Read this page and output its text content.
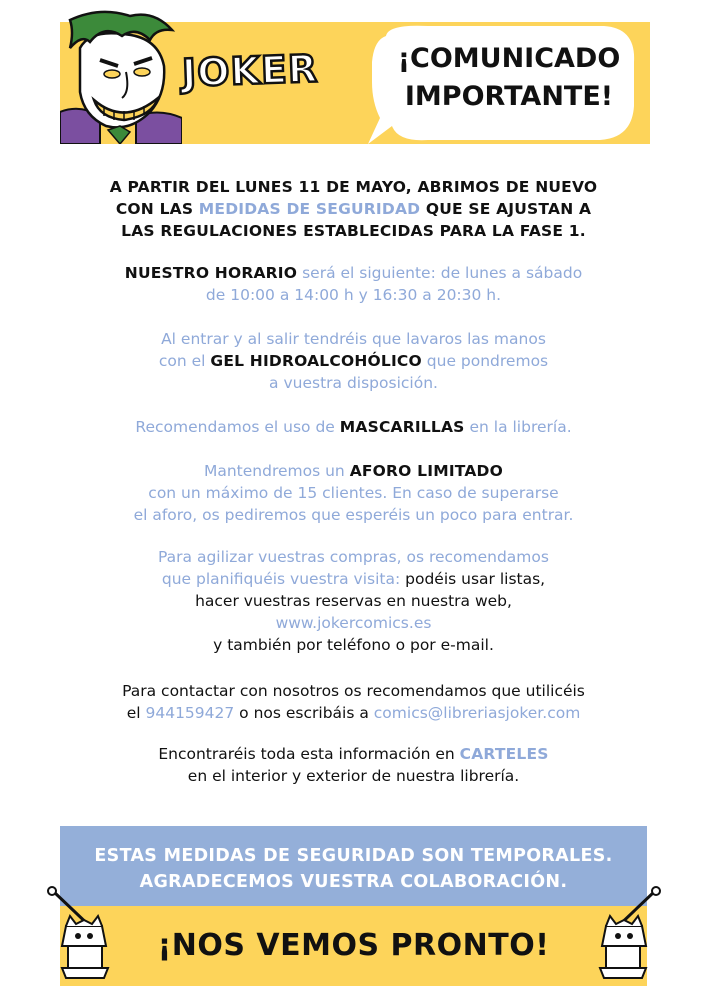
JOKER	¡COMUNICADO IMPORTANTE!
A PARTIR DEL LUNES 11 DE MAYO, ABRIMOS DE NUEVO
CON LAS MEDIDAS DE SEGURIDAD QUE SE AJUSTAN A
LAS REGULACIONES ESTABLECIDAS PARA LA FASE 1.
NUESTRO HORARIO será el siguiente: de lunes a sábado
de 10:00 a 14:00 h y 16:30 a 20:30 h.
Al entrar y al salir tendréis que lavaros las manos
con el GEL HIDROALCOHÓLICO que pondremos
a vuestra disposición.
Recomendamos el uso de MASCARILLAS en la librería.
Mantendremos un AFORO LIMITADO
con un máximo de 15 clientes. En caso de superarse
el aforo, os pediremos que esperéis un poco para entrar.
Para agilizar vuestras compras, os recomendamos
que planifiquéis vuestra visita: podéis usar listas,
hacer vuestras reservas en nuestra web,
www.jokercomics.es
y también por teléfono o por e-mail.
Para contactar con nosotros os recomendamos que utilicéis
el 944159427 o nos escribáis a comics@libreriasjoker.com
Encontraréis toda esta información en CARTELES
en el interior y exterior de nuestra librería.
ESTAS MEDIDAS DE SEGURIDAD SON TEMPORALES.
AGRADECEMOS VUESTRA COLABORACIÓN.
¡NOS VEMOS PRONTO!
